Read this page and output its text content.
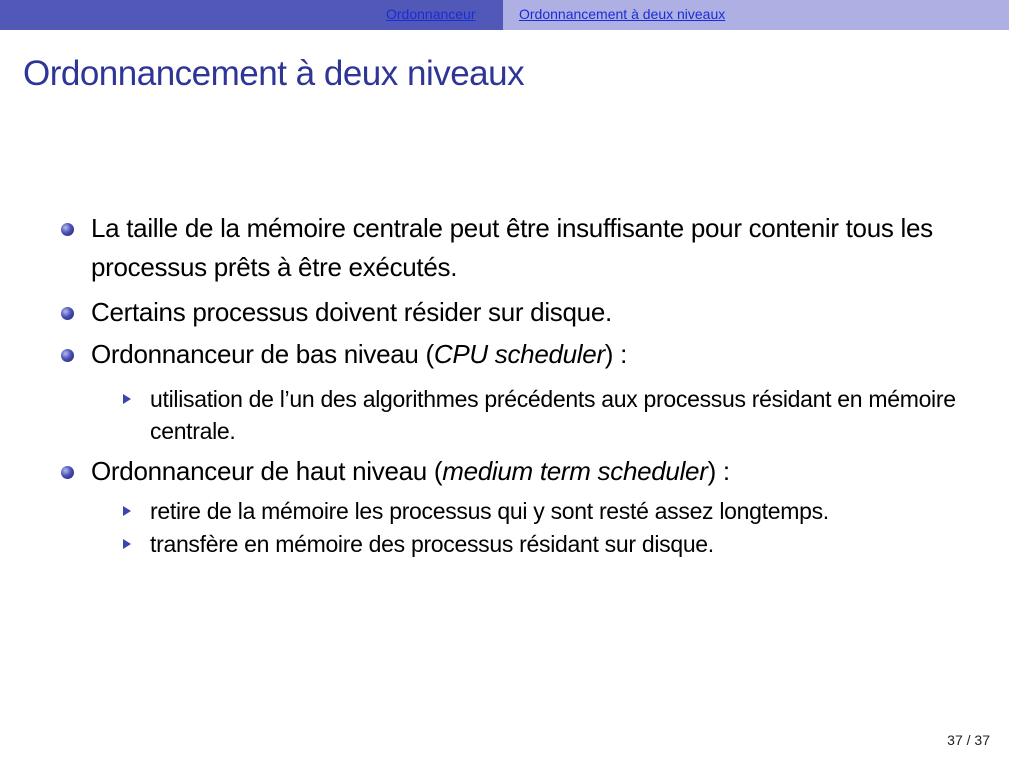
Ordonnanceur	Ordonnancement à deux niveaux
Ordonnancement à deux niveaux
La taille de la mémoire centrale peut être insuffisante pour contenir tous les processus prêts à être exécutés.
Certains processus doivent résider sur disque.
Ordonnanceur de bas niveau (CPU scheduler) :
utilisation de l’un des algorithmes précédents aux processus résidant en mémoire centrale.
Ordonnanceur de haut niveau (medium term scheduler) :
retire de la mémoire les processus qui y sont resté assez longtemps.
transfère en mémoire des processus résidant sur disque.
37 / 37
